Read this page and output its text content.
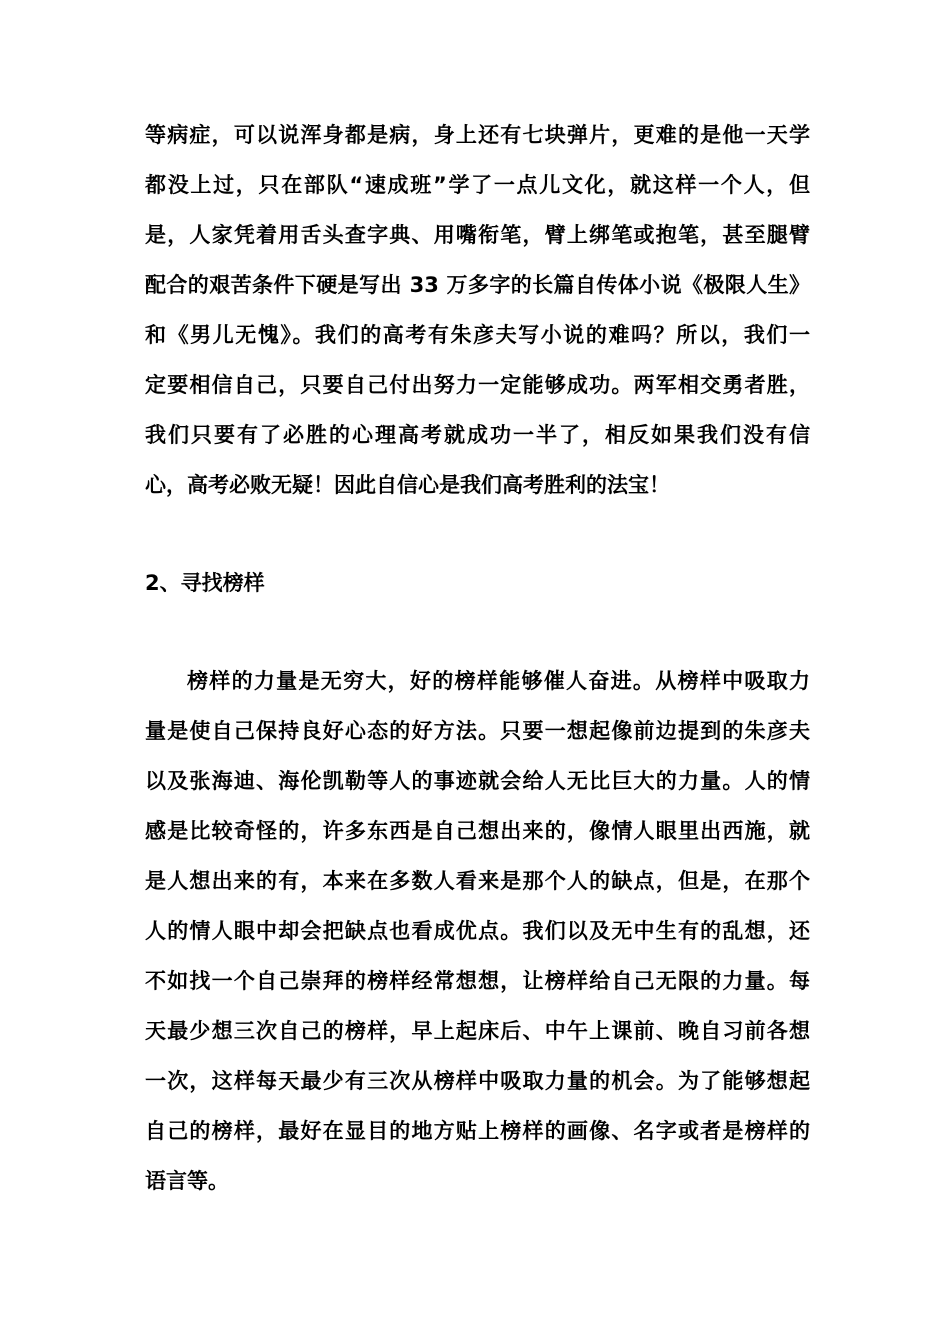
等病症，可以说浑身都是病，身上还有七块弹片，更难的是他一天学
都没上过，只在部队“速成班”学了一点儿文化，就这样一个人，但
是，人家凭着用舌头查字典、用嘴衔笔，臂上绑笔或抱笔，甚至腿臂
配合的艰苦条件下硬是写出 33 万多字的长篇自传体小说《极限人生》
和《男儿无愧》。我们的高考有朱彦夫写小说的难吗？所以，我们一
定要相信自己，只要自己付出努力一定能够成功。两军相交勇者胜，
我们只要有了必胜的心理高考就成功一半了，相反如果我们没有信
心，高考必败无疑！因此自信心是我们高考胜利的法宝！
2、寻找榜样
榜样的力量是无穷大，好的榜样能够催人奋进。从榜样中吸取力
量是使自己保持良好心态的好方法。只要一想起像前边提到的朱彦夫
以及张海迪、海伦凯勒等人的事迹就会给人无比巨大的力量。人的情
感是比较奇怪的，许多东西是自己想出来的，像情人眼里出西施，就
是人想出来的有，本来在多数人看来是那个人的缺点，但是，在那个
人的情人眼中却会把缺点也看成优点。我们以及无中生有的乱想，还
不如找一个自己崇拜的榜样经常想想，让榜样给自己无限的力量。每
天最少想三次自己的榜样，早上起床后、中午上课前、晚自习前各想
一次，这样每天最少有三次从榜样中吸取力量的机会。为了能够想起
自己的榜样，最好在显目的地方贴上榜样的画像、名字或者是榜样的
语言等。
